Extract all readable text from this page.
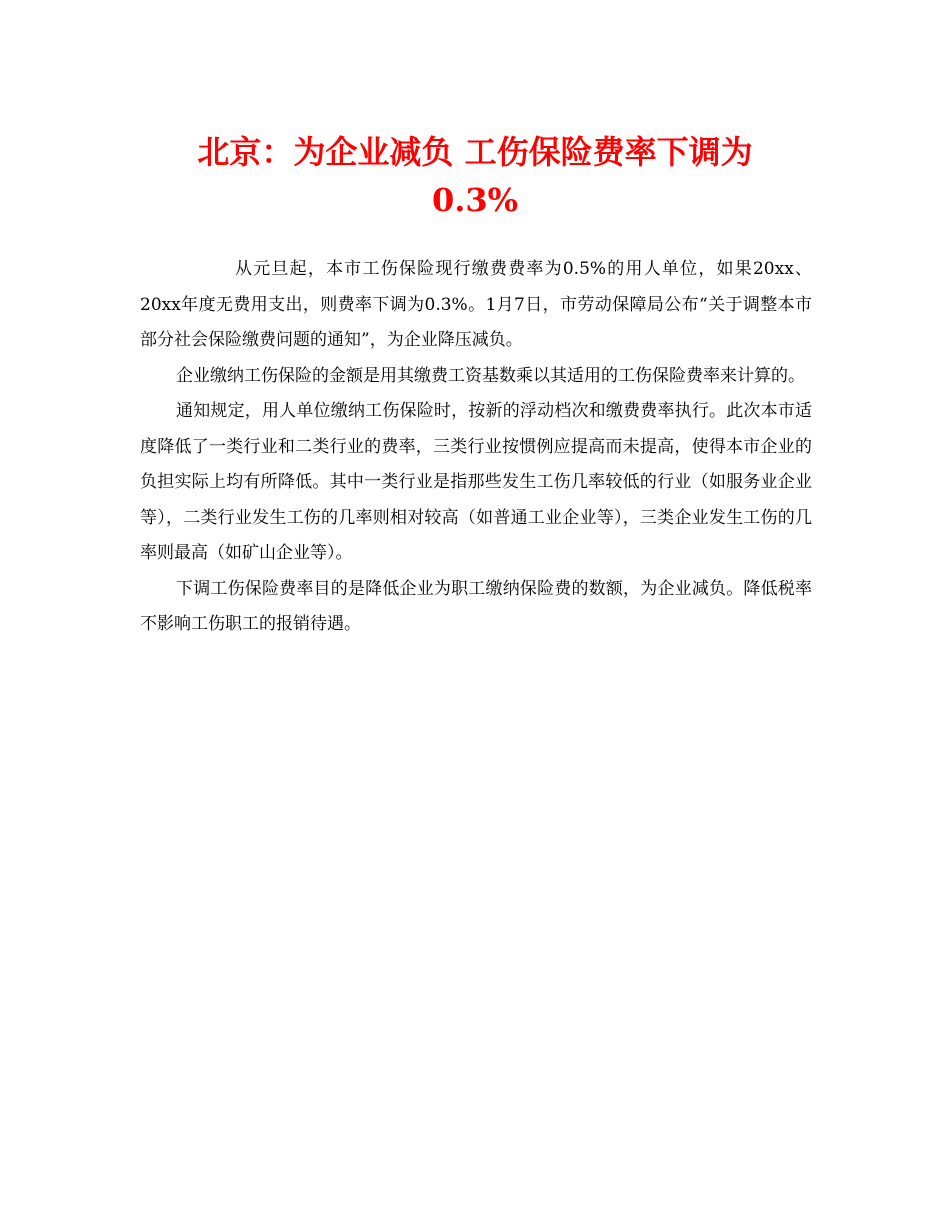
北京：为企业减负 工伤保险费率下调为
0.3%

从元旦起，本市工伤保险现行缴费费率为0.5%的用人单位，如果20xx、20xx年度无费用支出，则费率下调为0.3%。1月7日，市劳动保障局公布“关于调整本市部分社会保险缴费问题的通知”，为企业降压减负。

企业缴纳工伤保险的金额是用其缴费工资基数乘以其适用的工伤保险费率来计算的。

通知规定，用人单位缴纳工伤保险时，按新的浮动档次和缴费费率执行。此次本市适度降低了一类行业和二类行业的费率，三类行业按惯例应提高而未提高，使得本市企业的负担实际上均有所降低。其中一类行业是指那些发生工伤几率较低的行业（如服务业企业等），二类行业发生工伤的几率则相对较高（如普通工业企业等），三类企业发生工伤的几率则最高（如矿山企业等）。

下调工伤保险费率目的是降低企业为职工缴纳保险费的数额，为企业减负。降低税率不影响工伤职工的报销待遇。
